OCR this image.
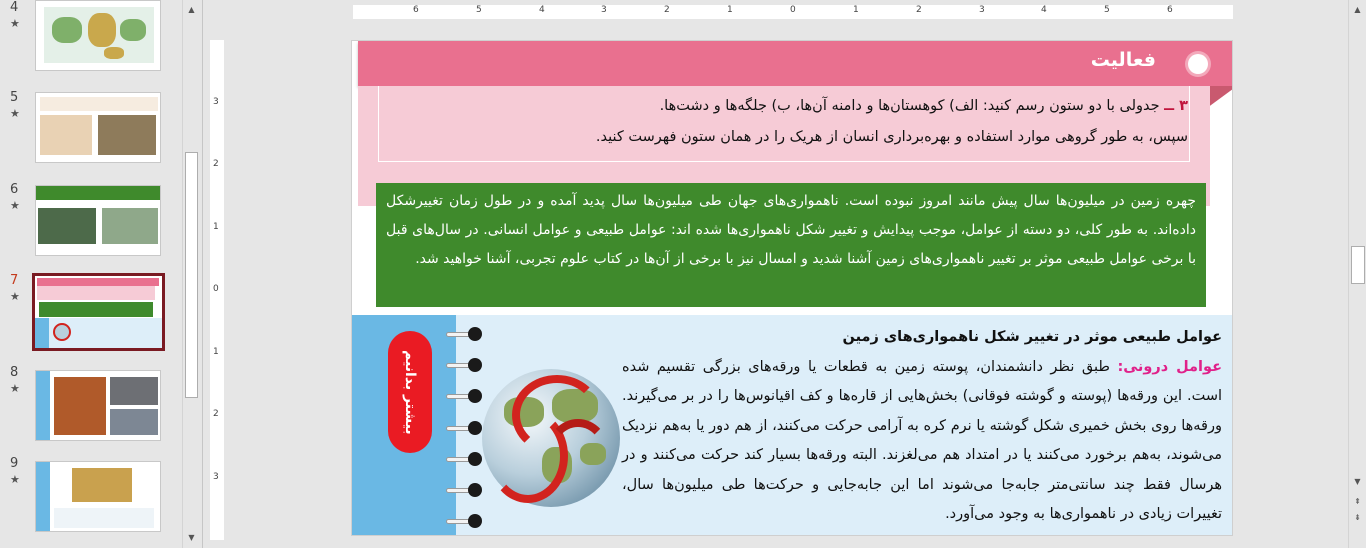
4
★
5
★
6
★
7
★
8
★
9
★
▲
▼
6	5	4	3	2	1	0	1	2	3	4	5	6
3
2
1
0
1
2
3
فعالیت
۳ ــ جدولی با دو ستون رسم کنید: الف) کوهستان‌ها و دامنه آن‌ها، ب) جلگه‌ها و دشت‌ها.
سپس، به طور گروهی موارد استفاده و بهره‌برداری انسان از هریک را در همان ستون فهرست کنید.
چهره زمین در میلیون‌ها سال پیش مانند امروز نبوده است. ناهمواری‌های جهان طی میلیون‌ها سال پدید آمده و در طول زمان تغییرشکل داده‌اند. به طور کلی، دو دسته از عوامل، موجب پیدایش و تغییر شکل ناهمواری‌ها شده اند: عوامل طبیعی و عوامل انسانی. در سال‌های قبل با برخی عوامل طبیعی موثر بر تغییر ناهمواری‌های زمین آشنا شدید و امسال نیز با برخی از آن‌ها در کتاب علوم تجربی، آشنا خواهید شد.
بیشتر بدانیم
عوامل طبیعی موثر در تغییر شکل ناهمواری‌های زمین
عوامل درونی: طبق نظر دانشمندان، پوسته زمین به قطعات یا ورقه‌های بزرگی تقسیم شده است. این ورقه‌ها (پوسته و گوشته فوقانی) بخش‌هایی از قاره‌ها و کف اقیانوس‌ها را در بر می‌گیرند. ورقه‌ها روی بخش خمیری شکل گوشته یا نرم کره به آرامی حرکت می‌کنند، از هم دور یا به‌هم نزدیک می‌شوند، به‌هم برخورد می‌کنند یا در امتداد هم می‌لغزند. البته ورقه‌ها بسیار کند حرکت می‌کنند و در هرسال فقط چند سانتی‌متر جابه‌جا می‌شوند اما این جابه‌جایی و حرکت‌ها طی میلیون‌ها سال، تغییرات زیادی در ناهمواری‌ها به وجود می‌آورد.
▲
▼
⇞
⇟
